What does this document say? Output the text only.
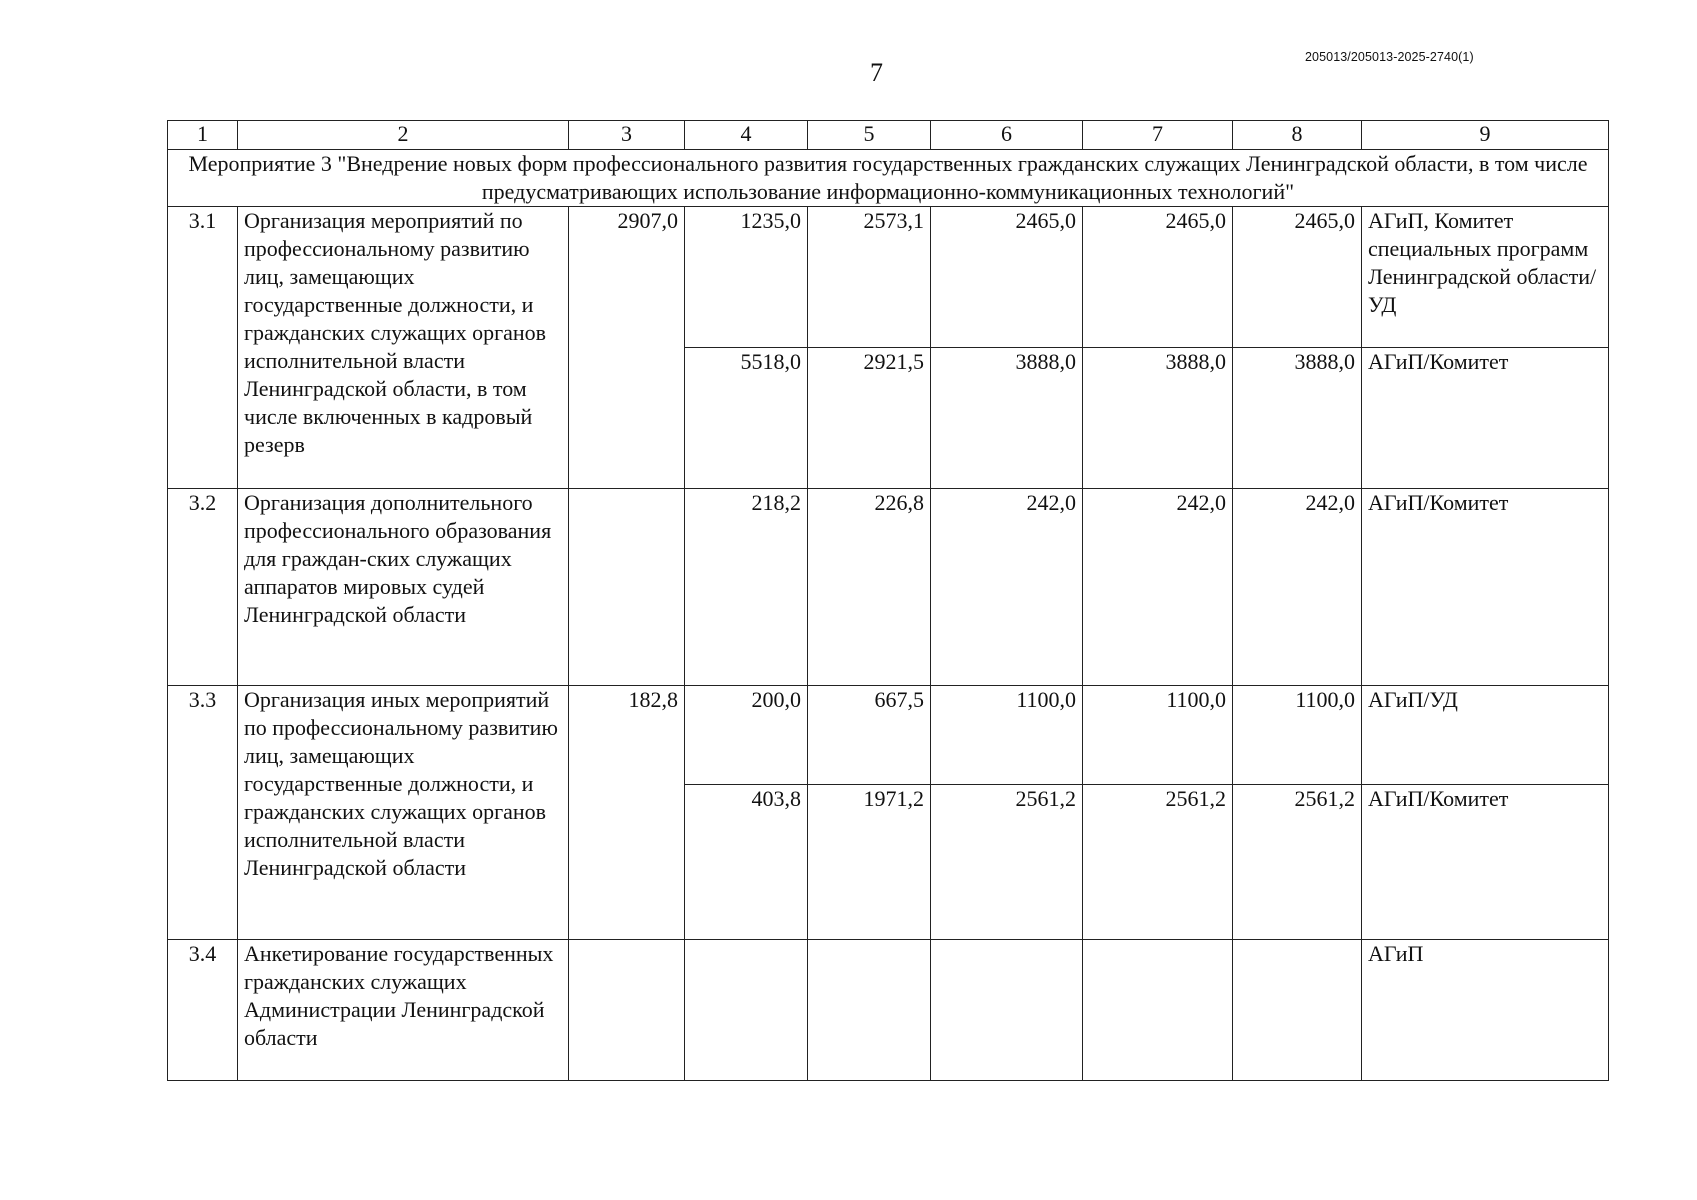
7
205013/205013-2025-2740(1)
1	2	3	4	5	6	7	8	9
Мероприятие 3 "Внедрение новых форм профессионального развития государственных гражданских служащих Ленинградской области, в том числе предусматривающих использование информационно-коммуникационных технологий"								
3.1	Организация мероприятий по профессиональному развитию лиц, замещающих государственные должности, и гражданских служащих органов исполнительной власти Ленинградской области, в том числе включенных в кадровый резерв	2907,0	1235,0	2573,1	2465,0	2465,0	2465,0	АГиП, Комитет специальных программ Ленинградской области/УД
			5518,0	2921,5	3888,0	3888,0	3888,0	АГиП/Комитет
3.2	Организация дополнительного профессионального образования для граждан-ских служащих аппаратов мировых судей Ленинградской области		218,2	226,8	242,0	242,0	242,0	АГиП/Комитет
3.3	Организация иных мероприятий по профессиональному развитию лиц, замещающих государственные должности, и гражданских служащих органов исполнительной власти Ленинградской области	182,8	200,0	667,5	1100,0	1100,0	1100,0	АГиП/УД
			403,8	1971,2	2561,2	2561,2	2561,2	АГиП/Комитет
3.4	Анкетирование государственных гражданских служащих Администрации Ленинградской области							АГиП
